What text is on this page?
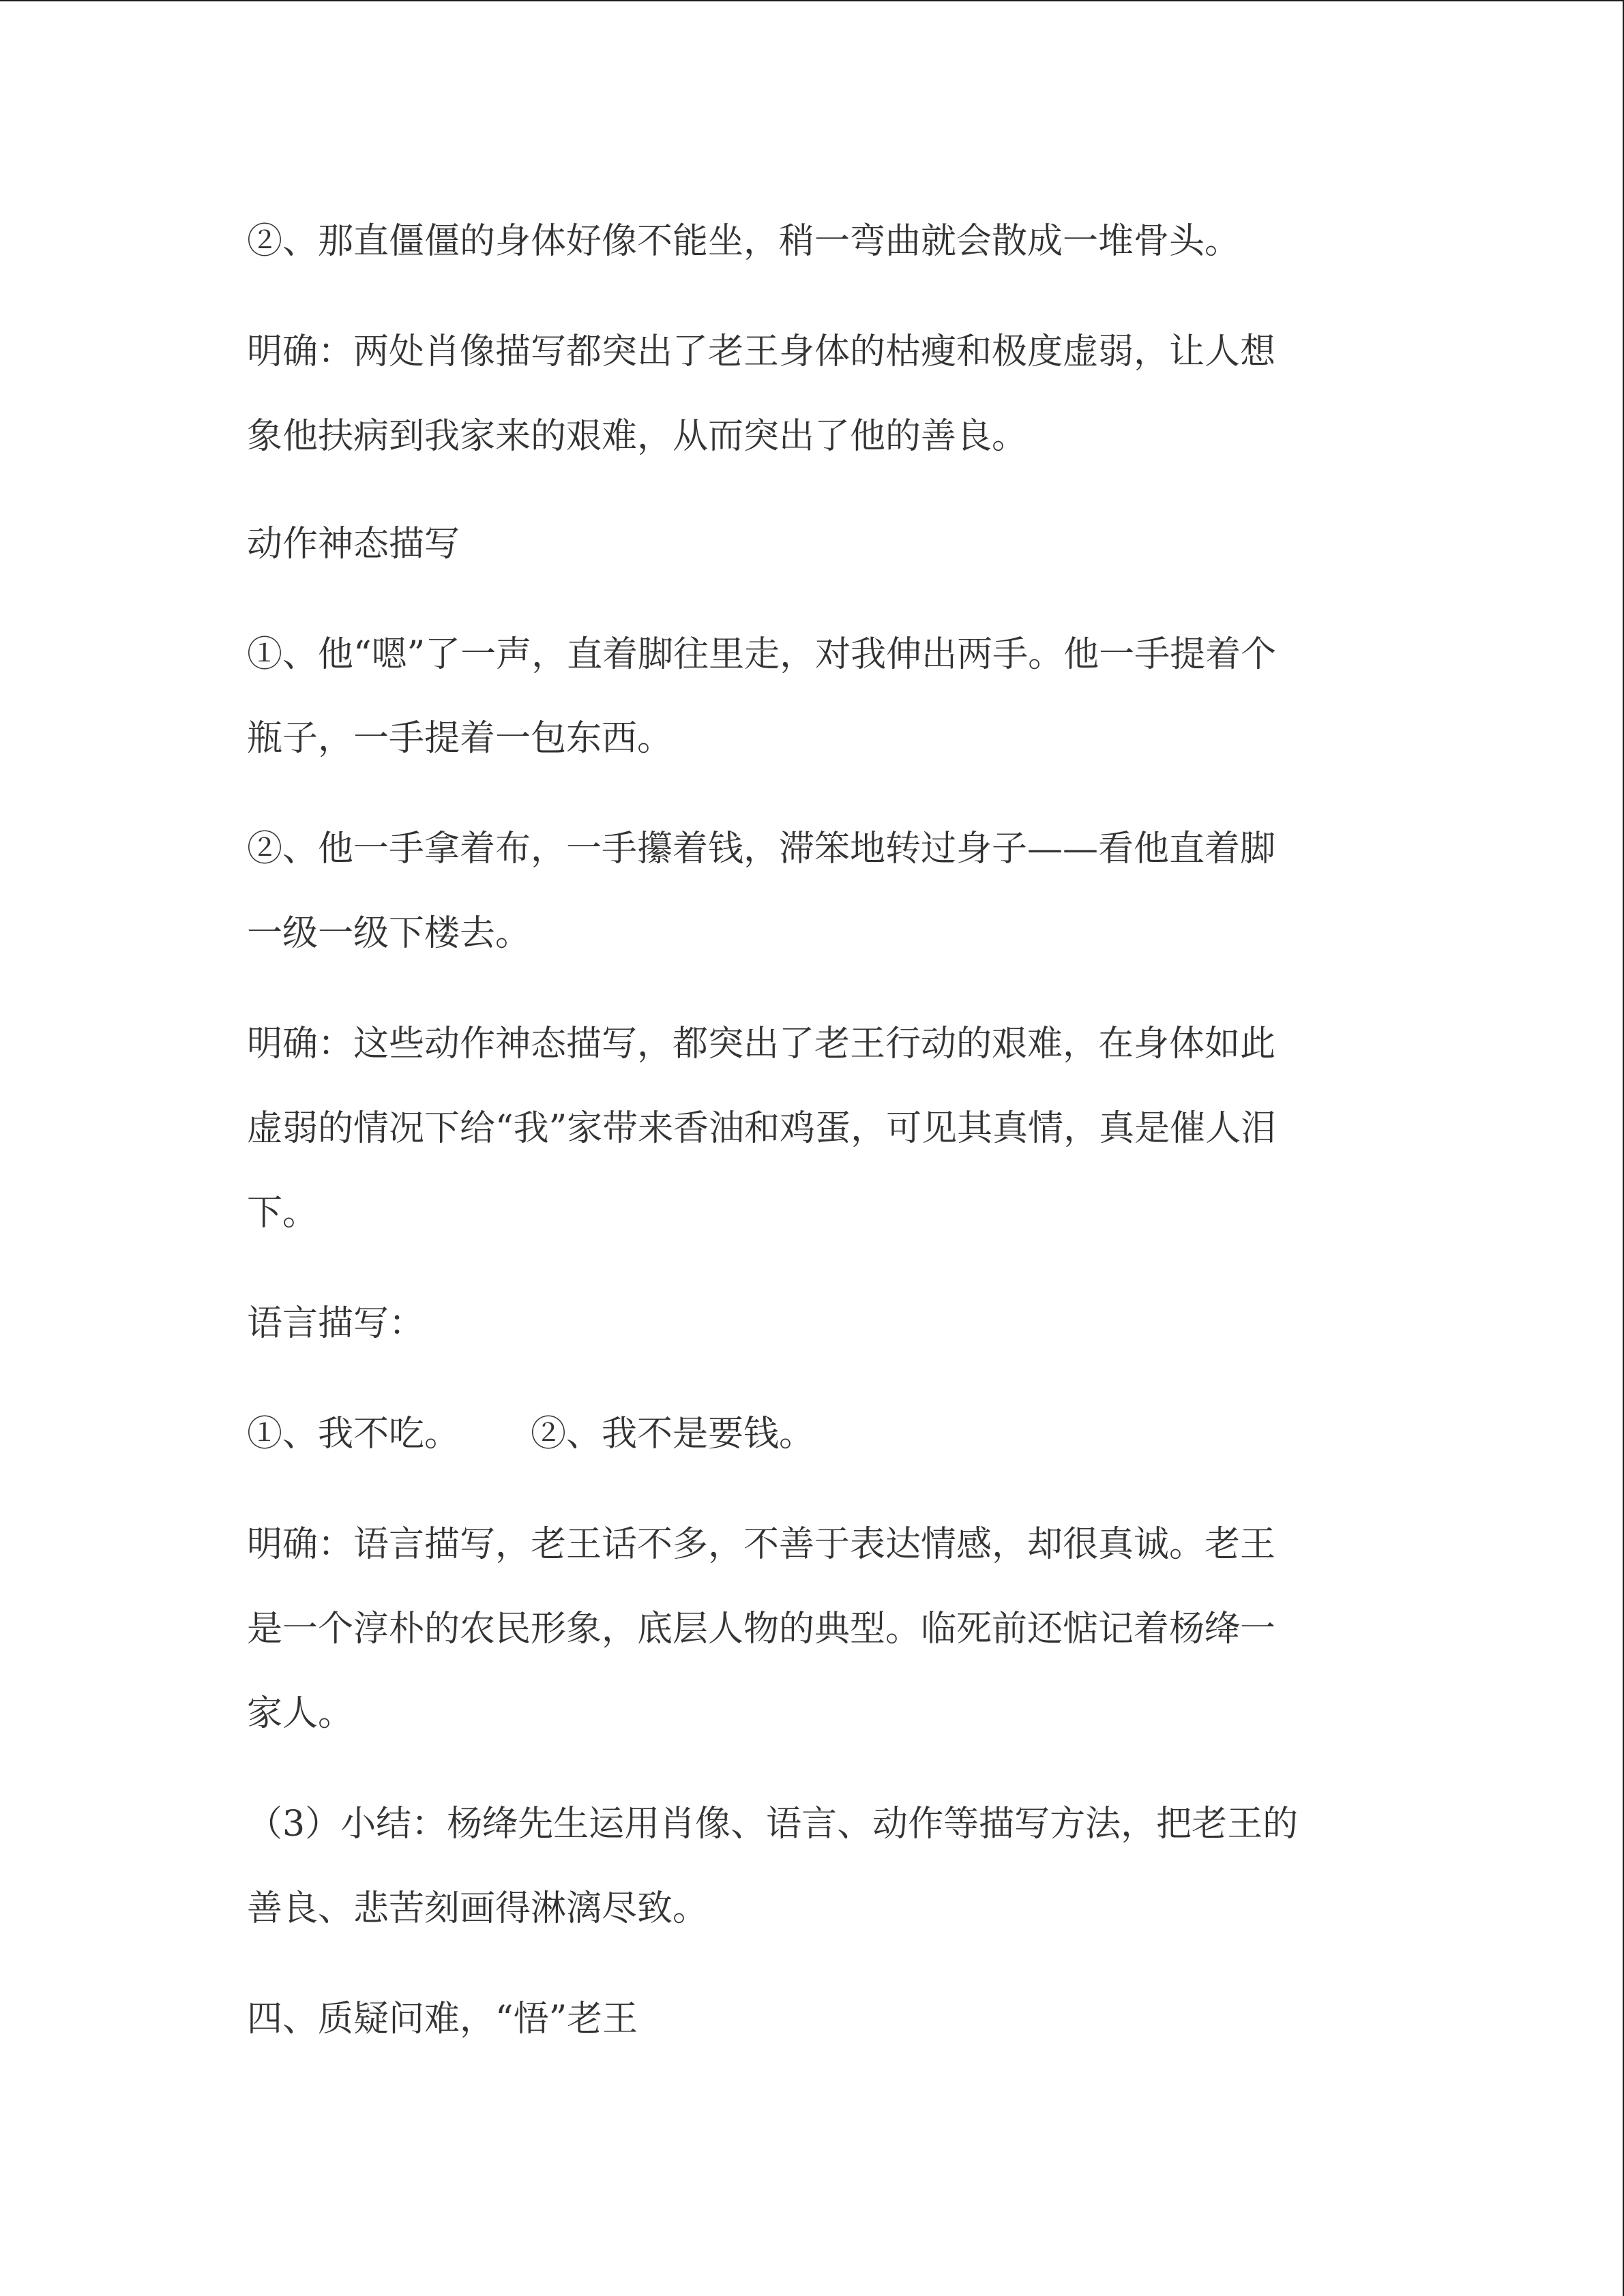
②、那直僵僵的身体好像不能坐，稍一弯曲就会散成一堆骨头。

明确：两处肖像描写都突出了老王身体的枯瘦和极度虚弱，让人想

象他扶病到我家来的艰难，从而突出了他的善良。

动作神态描写

①、他“嗯”了一声，直着脚往里走，对我伸出两手。他一手提着个

瓶子，一手提着一包东西。

②、他一手拿着布，一手攥着钱，滞笨地转过身子——看他直着脚

一级一级下楼去。

明确：这些动作神态描写，都突出了老王行动的艰难，在身体如此

虚弱的情况下给“我”家带来香油和鸡蛋，可见其真情，真是催人泪

下。

语言描写：

①、我不吃。 ②、我不是要钱。

明确：语言描写，老王话不多，不善于表达情感，却很真诚。老王

是一个淳朴的农民形象，底层人物的典型。临死前还惦记着杨绛一

家人。

（3）小结：杨绛先生运用肖像、语言、动作等描写方法，把老王的

善良、悲苦刻画得淋漓尽致。

四、质疑问难，“悟”老王
